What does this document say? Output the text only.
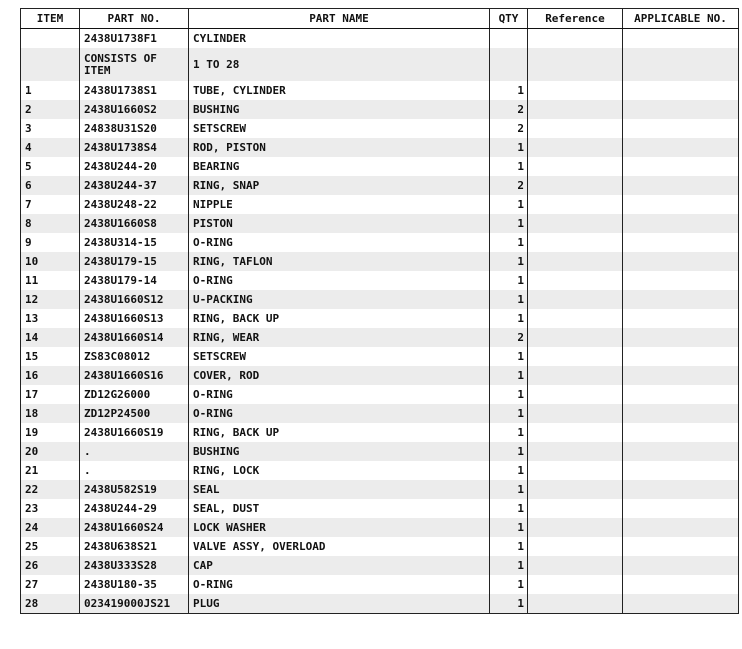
ITEM	PART NO.	PART NAME	QTY	Reference	APPLICABLE NO.
	2438U1738F1	CYLINDER			
	CONSISTS OF ITEM	1 TO 28			
1	2438U1738S1	TUBE, CYLINDER	1		
2	2438U1660S2	BUSHING	2		
3	24838U31S20	SETSCREW	2		
4	2438U1738S4	ROD, PISTON	1		
5	2438U244-20	BEARING	1		
6	2438U244-37	RING, SNAP	2		
7	2438U248-22	NIPPLE	1		
8	2438U1660S8	PISTON	1		
9	2438U314-15	O-RING	1		
10	2438U179-15	RING, TAFLON	1		
11	2438U179-14	O-RING	1		
12	2438U1660S12	U-PACKING	1		
13	2438U1660S13	RING, BACK UP	1		
14	2438U1660S14	RING, WEAR	2		
15	ZS83C08012	SETSCREW	1		
16	2438U1660S16	COVER, ROD	1		
17	ZD12G26000	O-RING	1		
18	ZD12P24500	O-RING	1		
19	2438U1660S19	RING, BACK UP	1		
20	.	BUSHING	1		
21	.	RING, LOCK	1		
22	2438U582S19	SEAL	1		
23	2438U244-29	SEAL, DUST	1		
24	2438U1660S24	LOCK WASHER	1		
25	2438U638S21	VALVE ASSY, OVERLOAD	1		
26	2438U333S28	CAP	1		
27	2438U180-35	O-RING	1		
28	023419000JS21	PLUG	1		
